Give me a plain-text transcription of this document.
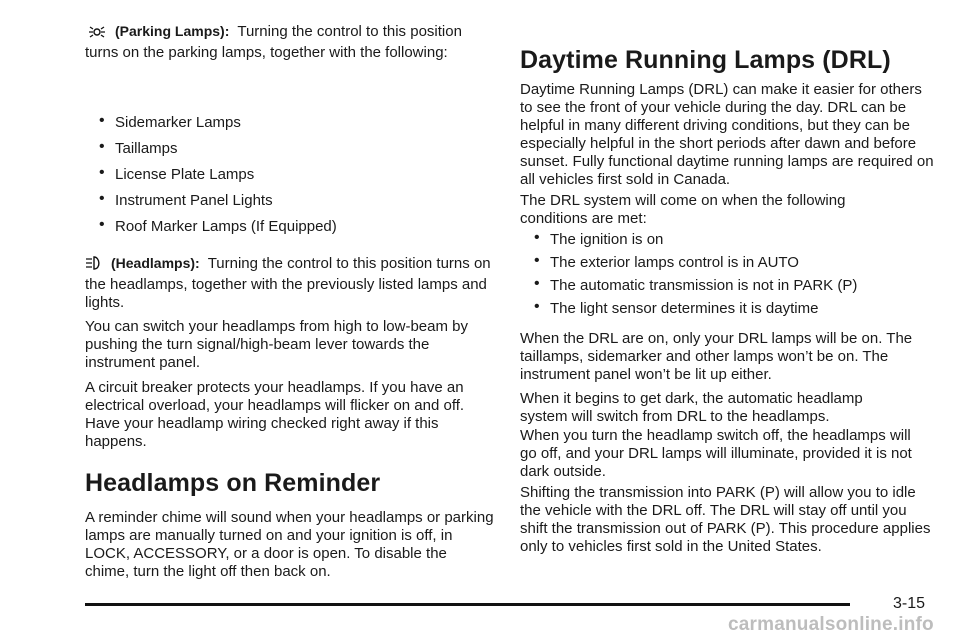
(Parking Lamps): Turning the control to this position turns on the parking lamps, together with the following:

• Sidemarker Lamps
• Taillamps
• License Plate Lamps
• Instrument Panel Lights
• Roof Marker Lamps (If Equipped)

(Headlamps): Turning the control to this position turns on the headlamps, together with the previously listed lamps and lights.

You can switch your headlamps from high to low-beam by pushing the turn signal/high-beam lever towards the instrument panel.

A circuit breaker protects your headlamps. If you have an electrical overload, your headlamps will flicker on and off. Have your headlamp wiring checked right away if this happens.

Headlamps on Reminder

A reminder chime will sound when your headlamps or parking lamps are manually turned on and your ignition is off, in LOCK, ACCESSORY, or a door is open. To disable the chime, turn the light off then back on.

Daytime Running Lamps (DRL)

Daytime Running Lamps (DRL) can make it easier for others to see the front of your vehicle during the day. DRL can be helpful in many different driving conditions, but they can be especially helpful in the short periods after dawn and before sunset. Fully functional daytime running lamps are required on all vehicles first sold in Canada.

The DRL system will come on when the following conditions are met:

• The ignition is on
• The exterior lamps control is in AUTO
• The automatic transmission is not in PARK (P)
• The light sensor determines it is daytime

When the DRL are on, only your DRL lamps will be on. The taillamps, sidemarker and other lamps won’t be on. The instrument panel won’t be lit up either.

When it begins to get dark, the automatic headlamp system will switch from DRL to the headlamps.

When you turn the headlamp switch off, the headlamps will go off, and your DRL lamps will illuminate, provided it is not dark outside.

Shifting the transmission into PARK (P) will allow you to idle the vehicle with the DRL off. The DRL will stay off until you shift the transmission out of PARK (P). This procedure applies only to vehicles first sold in the United States.

3-15
carmanualsonline.info
